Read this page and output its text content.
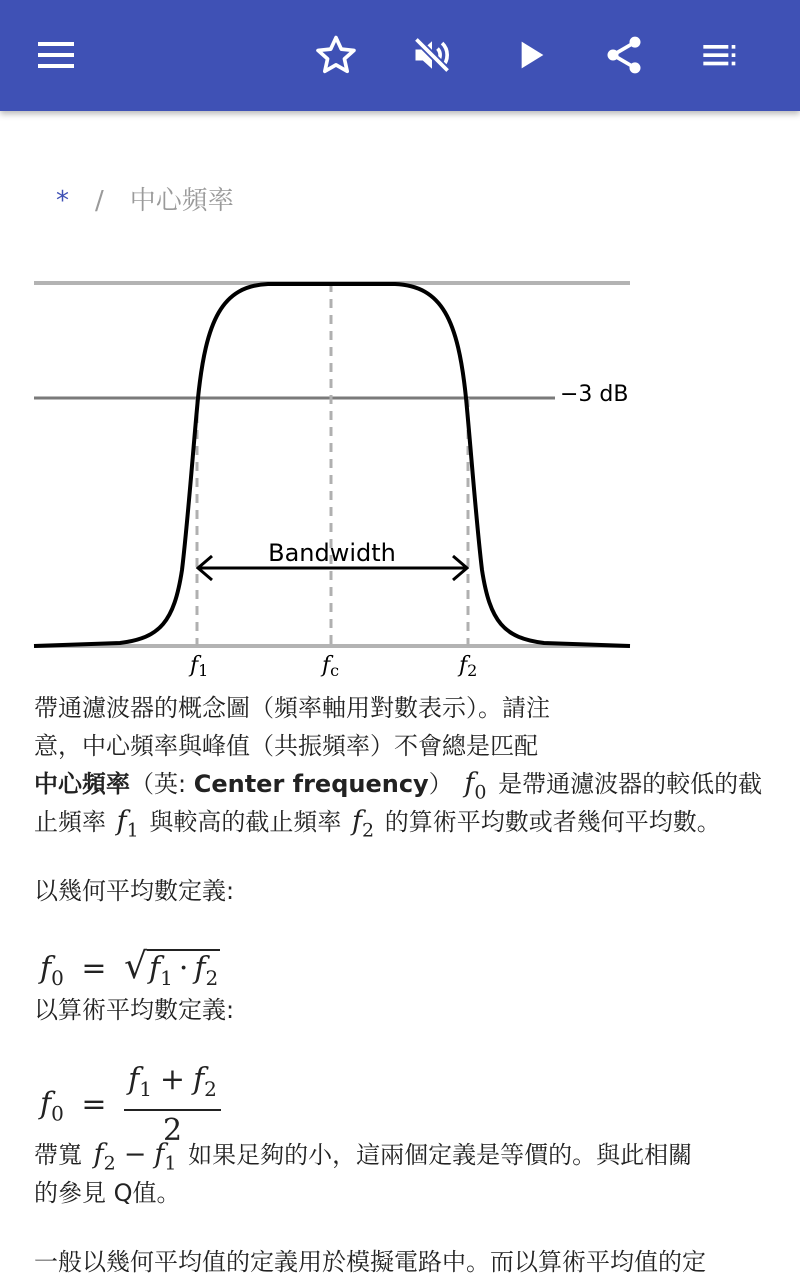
* / 中心頻率
Bandwidth
−3 dB
f1	fc	f2
帶通濾波器的概念圖（頻率軸用對數表示）。請注
意，中心頻率與峰值（共振頻率）不會總是匹配
中心頻率（英: Center frequency） $f_0$ 是帶通濾波器的較低的截
止頻率 $f_1$ 與較高的截止頻率 $f_2$ 的算術平均數或者幾何平均數。
以幾何平均數定義:
$f_0 = √f_1 \cdot f_2$
以算術平均數定義:
$f_0 = \frac{f_1 + f_2}{2}$
帶寬 $f_2 - f_1$ 如果足夠的小，這兩個定義是等價的。與此相關
的參見 Q值。
一般以幾何平均值的定義用於模擬電路中。而以算術平均值的定
